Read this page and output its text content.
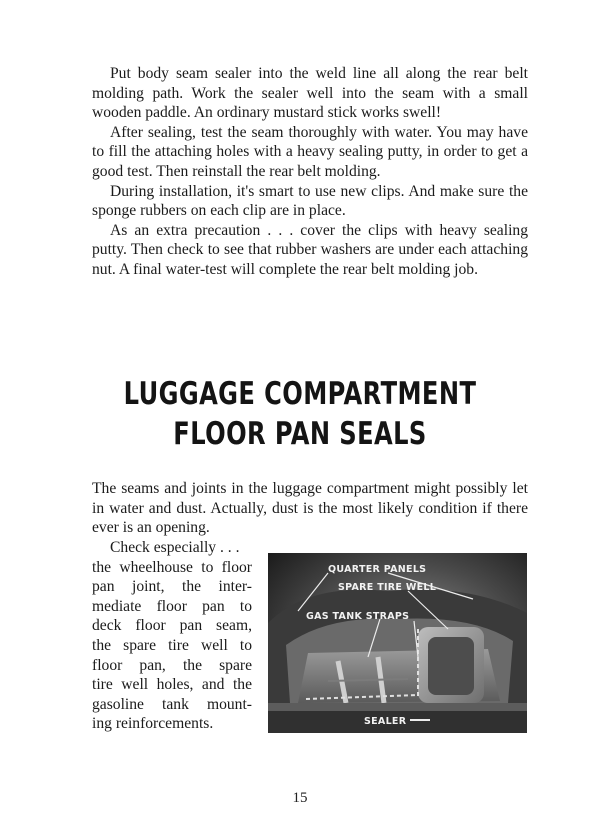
Put body seam sealer into the weld line all along the rear belt molding path. Work the sealer well into the seam with a small wooden paddle. An ordinary mustard stick works swell!

After sealing, test the seam thoroughly with water. You may have to fill the attaching holes with a heavy sealing putty, in order to get a good test. Then reinstall the rear belt molding.

During installation, it's smart to use new clips. And make sure the sponge rubbers on each clip are in place.

As an extra precaution . . . cover the clips with heavy sealing putty. Then check to see that rubber washers are under each attaching nut. A final water-test will complete the rear belt molding job.

LUGGAGE COMPARTMENT
FLOOR PAN SEALS

The seams and joints in the luggage compartment might possibly let in water and dust. Actually, dust is the most likely condition if there ever is an opening.

Check especially . . .
the wheelhouse to floor
pan joint, the inter-
mediate floor pan to
deck floor pan seam,
the spare tire well to
floor pan, the spare
tire well holes, and the
gasoline tank mount-
ing reinforcements.
QUARTER PANELS
SPARE TIRE WELL
GAS TANK STRAPS
SEALER
15
